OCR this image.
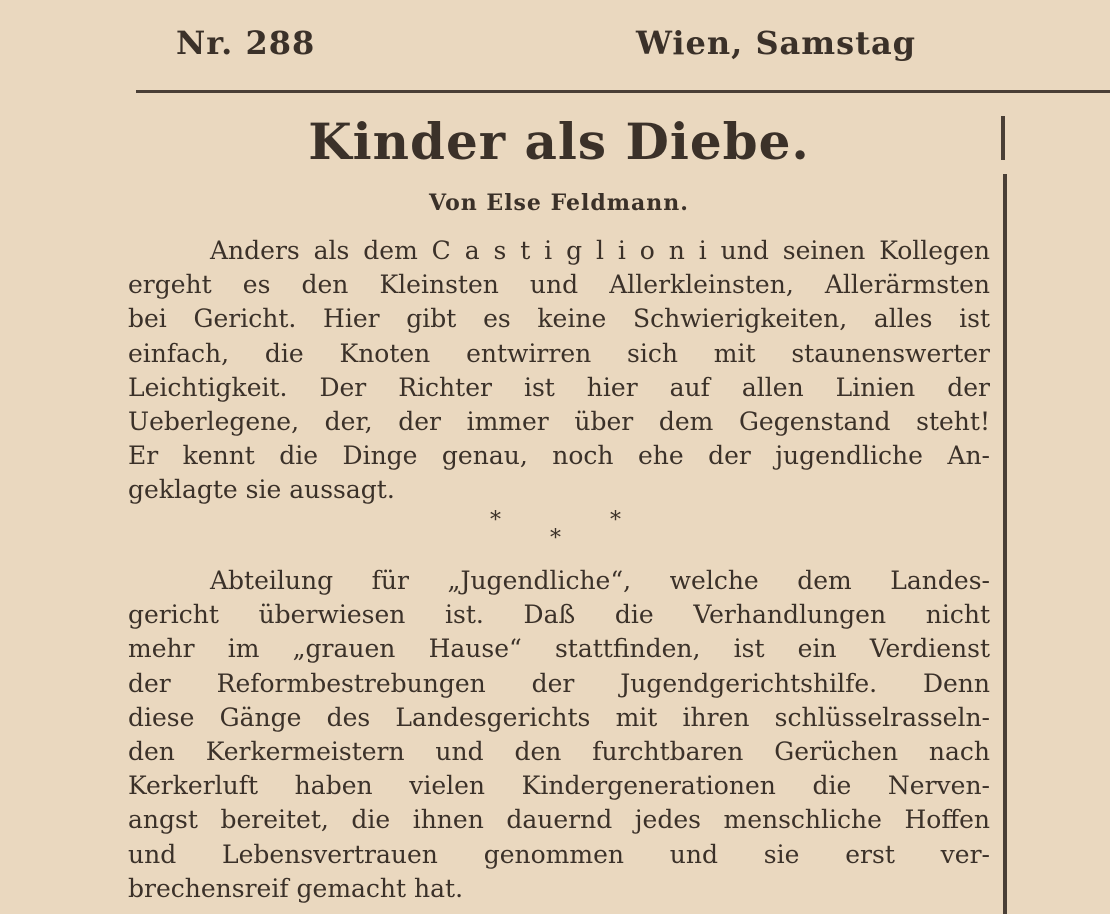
Nr. 288	Wien, Samstag
Kinder als Diebe.
Von Else Feldmann.
Anders als dem C a s t i g l i o n i und seinen Kollegen
ergeht es den Kleinsten und Allerkleinsten, Allerärmsten
bei Gericht. Hier gibt es keine Schwierigkeiten, alles ist
einfach, die Knoten entwirren sich mit staunenswerter
Leichtigkeit. Der Richter ist hier auf allen Linien der
Ueberlegene, der, der immer über dem Gegenstand steht!
Er kennt die Dinge genau, noch ehe der jugendliche An-
geklagte sie aussagt.
*	*
*
Abteilung für „Jugendliche“, welche dem Landes-
gericht überwiesen ist. Daß die Verhandlungen nicht
mehr im „grauen Hause“ stattfinden, ist ein Verdienst
der Reformbestrebungen der Jugendgerichtshilfe. Denn
diese Gänge des Landesgerichts mit ihren schlüsselrasseln-
den Kerkermeistern und den furchtbaren Gerüchen nach
Kerkerluft haben vielen Kindergenerationen die Nerven-
angst bereitet, die ihnen dauernd jedes menschliche Hoffen
und Lebensvertrauen genommen und sie erst ver-
brechensreif gemacht hat.
